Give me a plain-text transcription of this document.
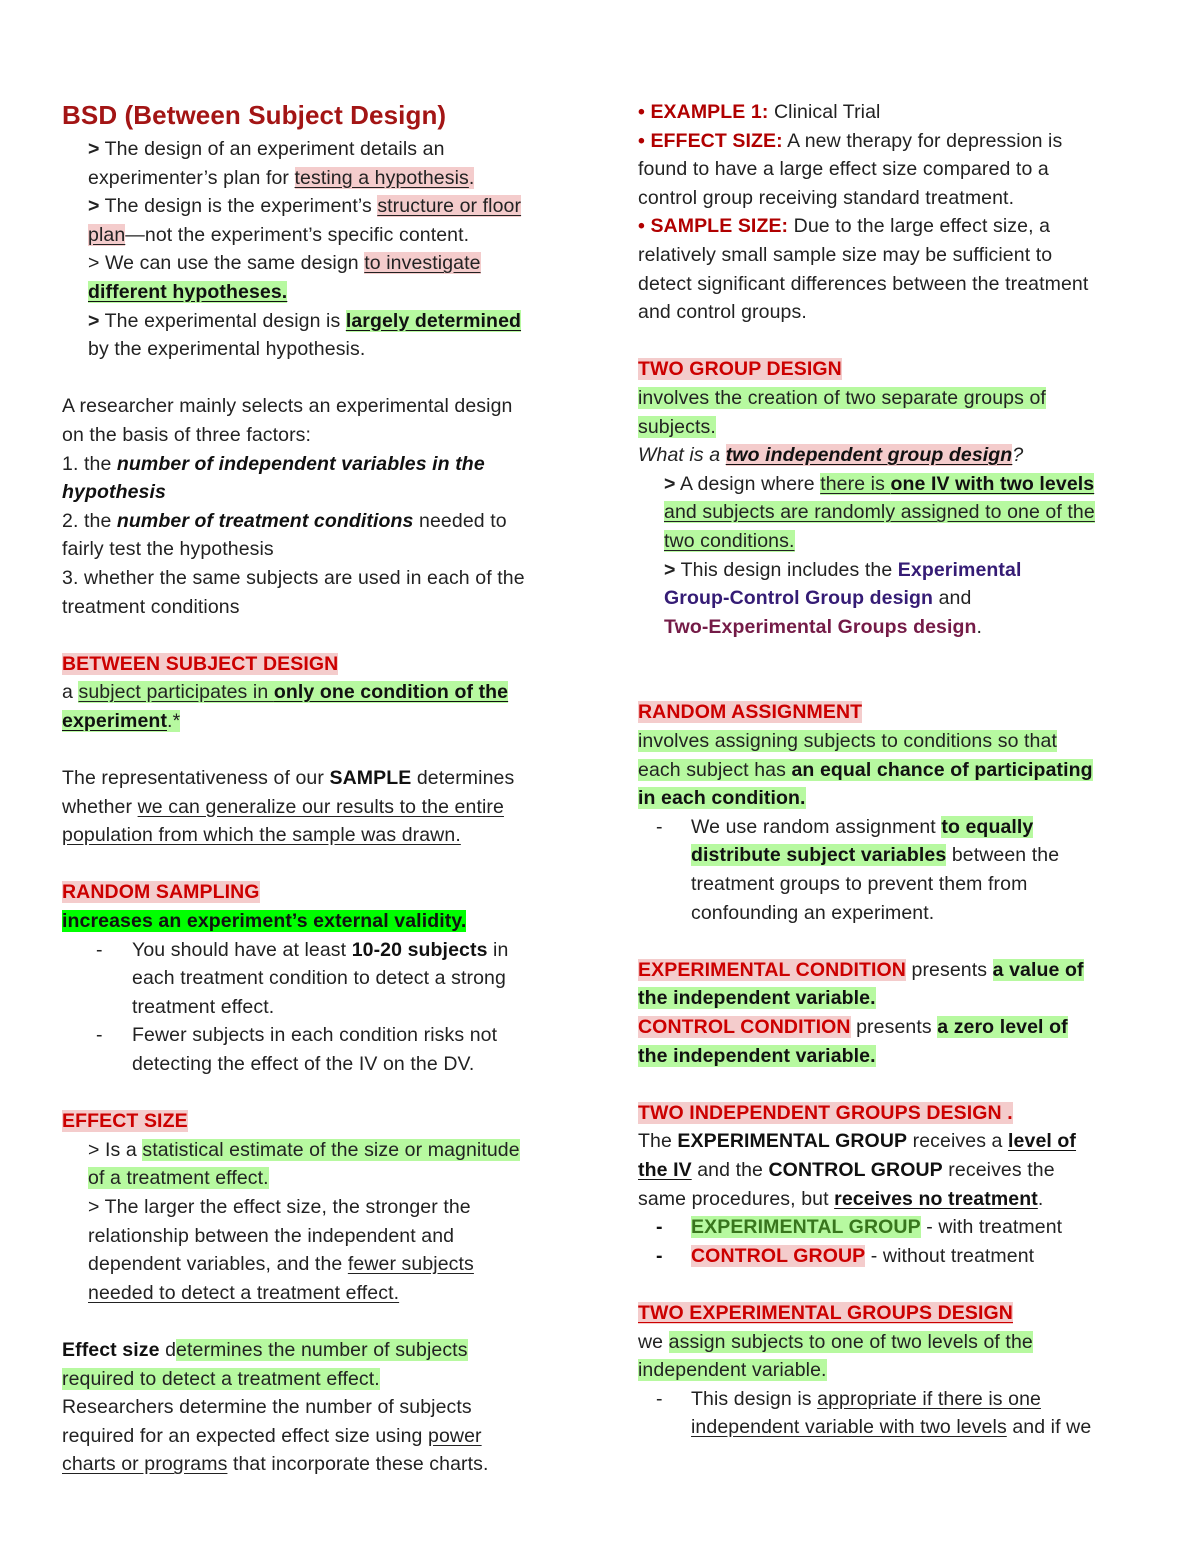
BSD (Between Subject Design)
> The design of an experiment details an
experimenter’s plan for testing a hypothesis.
> The design is the experiment’s structure or floor
plan—not the experiment’s specific content.
> We can use the same design to investigate
different hypotheses.
> The experimental design is largely determined
by the experimental hypothesis.
A researcher mainly selects an experimental design
on the basis of three factors:
1. the number of independent variables in the
hypothesis
2. the number of treatment conditions needed to
fairly test the hypothesis
3. whether the same subjects are used in each of the
treatment conditions
BETWEEN SUBJECT DESIGN
a subject participates in only one condition of the
experiment.*
The representativeness of our SAMPLE determines
whether we can generalize our results to the entire
population from which the sample was drawn.
RANDOM SAMPLING
increases an experiment’s external validity.
- You should have at least 10-20 subjects in
each treatment condition to detect a strong
treatment effect.
- Fewer subjects in each condition risks not
detecting the effect of the IV on the DV.
EFFECT SIZE
> Is a statistical estimate of the size or magnitude
of a treatment effect.
> The larger the effect size, the stronger the
relationship between the independent and
dependent variables, and the fewer subjects
needed to detect a treatment effect.
Effect size determines the number of subjects
required to detect a treatment effect.
Researchers determine the number of subjects
required for an expected effect size using power
charts or programs that incorporate these charts.
• EXAMPLE 1: Clinical Trial
• EFFECT SIZE: A new therapy for depression is
found to have a large effect size compared to a
control group receiving standard treatment.
• SAMPLE SIZE: Due to the large effect size, a
relatively small sample size may be sufficient to
detect significant differences between the treatment
and control groups.
TWO GROUP DESIGN
involves the creation of two separate groups of
subjects.
What is a two independent group design?
> A design where there is one IV with two levels
and subjects are randomly assigned to one of the
two conditions.
> This design includes the Experimental
Group-Control Group design and
Two-Experimental Groups design.
RANDOM ASSIGNMENT
involves assigning subjects to conditions so that
each subject has an equal chance of participating
in each condition.
- We use random assignment to equally
distribute subject variables between the
treatment groups to prevent them from
confounding an experiment.
EXPERIMENTAL CONDITION presents a value of
the independent variable.
CONTROL CONDITION presents a zero level of
the independent variable.
TWO INDEPENDENT GROUPS DESIGN .
The EXPERIMENTAL GROUP receives a level of
the IV and the CONTROL GROUP receives the
same procedures, but receives no treatment.
- EXPERIMENTAL GROUP - with treatment
- CONTROL GROUP - without treatment
TWO EXPERIMENTAL GROUPS DESIGN
we assign subjects to one of two levels of the
independent variable.
- This design is appropriate if there is one
independent variable with two levels and if we
